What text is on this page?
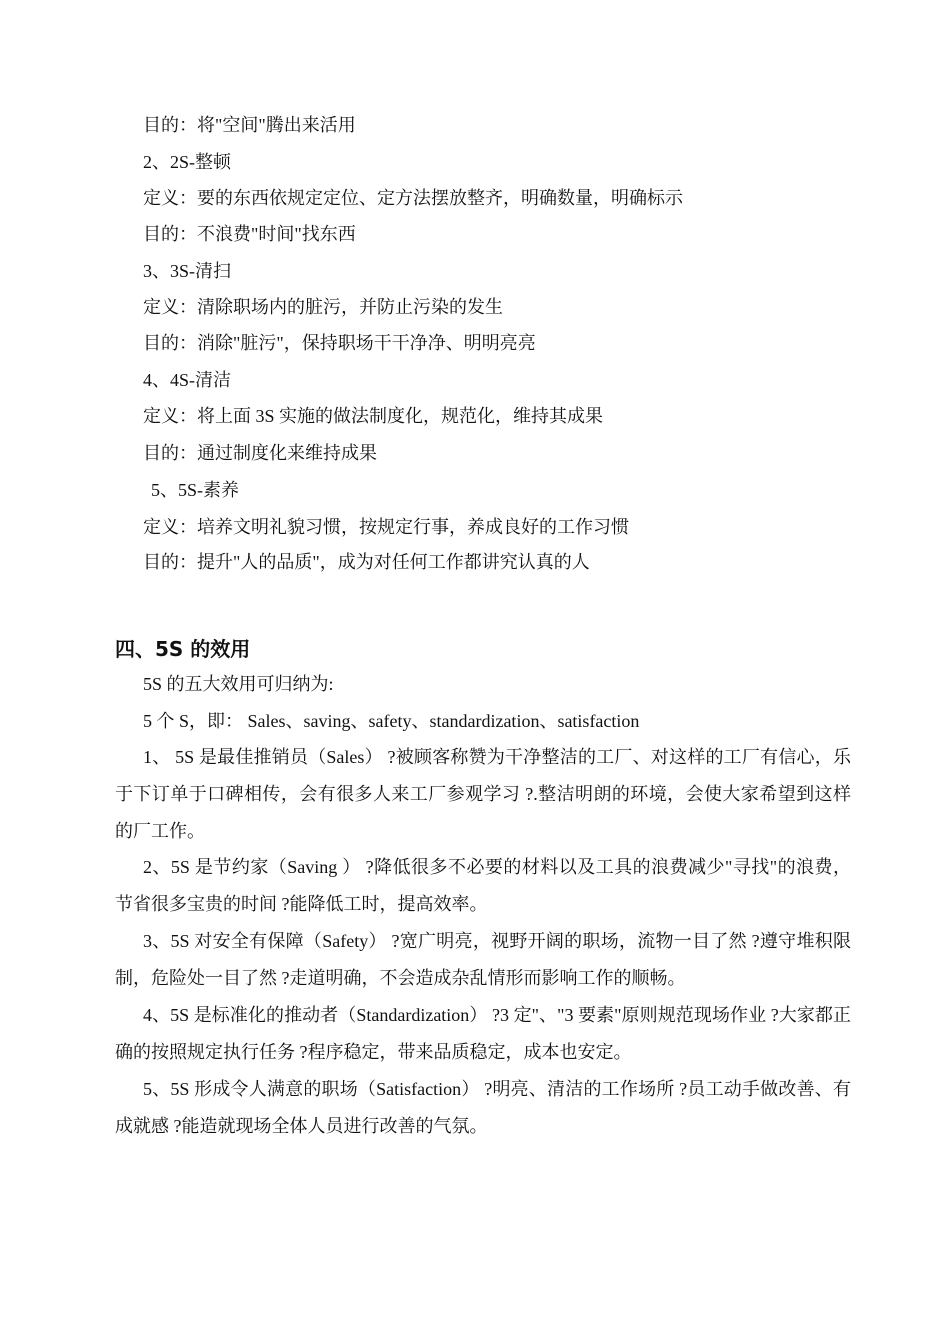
目的：将"空间"腾出来活用
2、2S-整顿
定义：要的东西依规定定位、定方法摆放整齐，明确数量，明确标示
目的：不浪费"时间"找东西
3、3S-清扫
定义：清除职场内的脏污，并防止污染的发生
目的：消除"脏污"，保持职场干干净净、明明亮亮
4、4S-清洁
定义：将上面 3S 实施的做法制度化，规范化，维持其成果
目的：通过制度化来维持成果
5、5S-素养
定义：培养文明礼貌习惯，按规定行事，养成良好的工作习惯
目的：提升"人的品质"，成为对任何工作都讲究认真的人
四、5S 的效用
5S 的五大效用可归纳为:
5 个 S，即： Sales、saving、safety、standardization、satisfaction
1、 5S 是最佳推销员（Sales） ?被顾客称赞为干净整洁的工厂、对这样的工厂有信心，乐于下订单于口碑相传，会有很多人来工厂参观学习 ?.整洁明朗的环境，会使大家希望到这样的厂工作。
2、5S 是节约家（Saving ） ?降低很多不必要的材料以及工具的浪费减少"寻找"的浪费，节省很多宝贵的时间 ?能降低工时，提高效率。
3、5S 对安全有保障（Safety） ?宽广明亮，视野开阔的职场，流物一目了然 ?遵守堆积限制，危险处一目了然 ?走道明确，不会造成杂乱情形而影响工作的顺畅。
4、5S 是标准化的推动者（Standardization） ?3 定"、"3 要素"原则规范现场作业 ?大家都正确的按照规定执行任务 ?程序稳定，带来品质稳定，成本也安定。
5、5S 形成令人满意的职场（Satisfaction） ?明亮、清洁的工作场所 ?员工动手做改善、有成就感 ?能造就现场全体人员进行改善的气氛。
